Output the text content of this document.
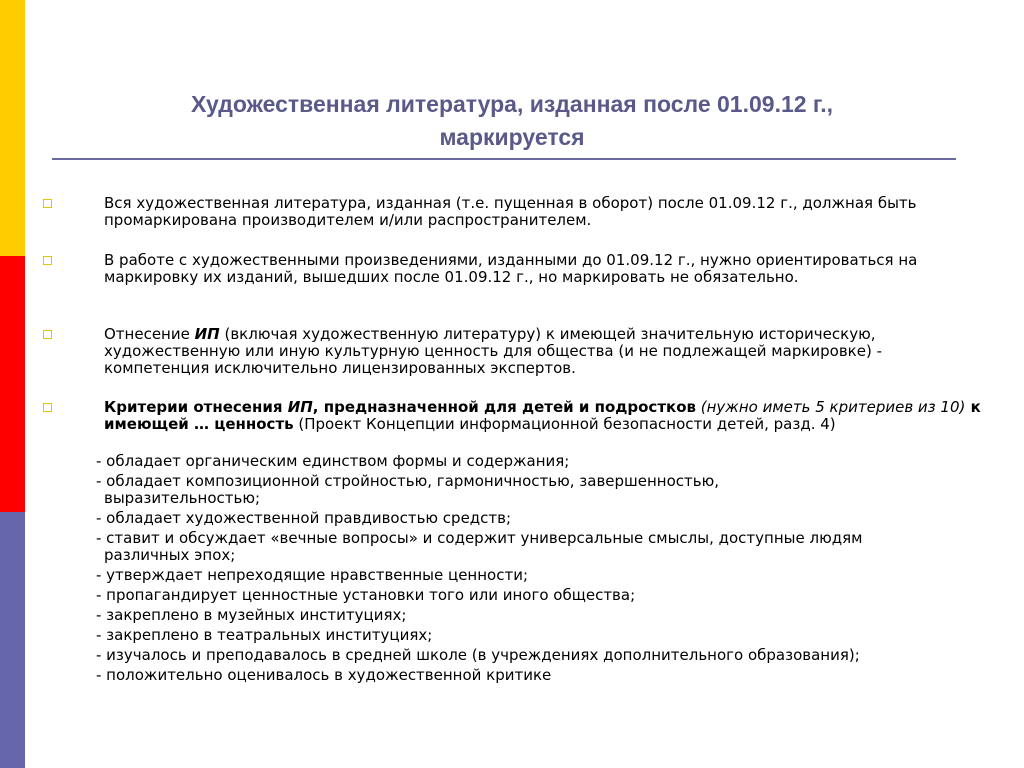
Художественная литература, изданная после 01.09.12 г.,
маркируется
Вся художественная литература, изданная (т.е. пущенная в оборот) после 01.09.12 г., должная быть промаркирована производителем и/или распространителем.
В работе с художественными произведениями, изданными до 01.09.12 г., нужно ориентироваться на маркировку их изданий, вышедших после 01.09.12 г., но маркировать не обязательно.
Отнесение ИП (включая художественную литературу) к имеющей значительную историческую, художественную или иную культурную ценность для общества (и не подлежащей маркировке) - компетенция исключительно лицензированных экспертов.
Критерии отнесения ИП, предназначенной для детей и подростков (нужно иметь 5 критериев из 10) к имеющей … ценность (Проект Концепции информационной безопасности детей, разд. 4)
- обладает органическим единством формы и содержания;
- обладает композиционной стройностью, гармоничностью, завершенностью,
выразительностью;
- обладает художественной правдивостью средств;
- ставит и обсуждает «вечные вопросы» и содержит универсальные смыслы, доступные людям
различных эпох;
- утверждает непреходящие нравственные ценности;
- пропагандирует ценностные установки того или иного общества;
- закреплено в музейных институциях;
- закреплено в театральных институциях;
- изучалось и преподавалось в средней школе (в учреждениях дополнительного образования);
- положительно оценивалось в художественной критике
